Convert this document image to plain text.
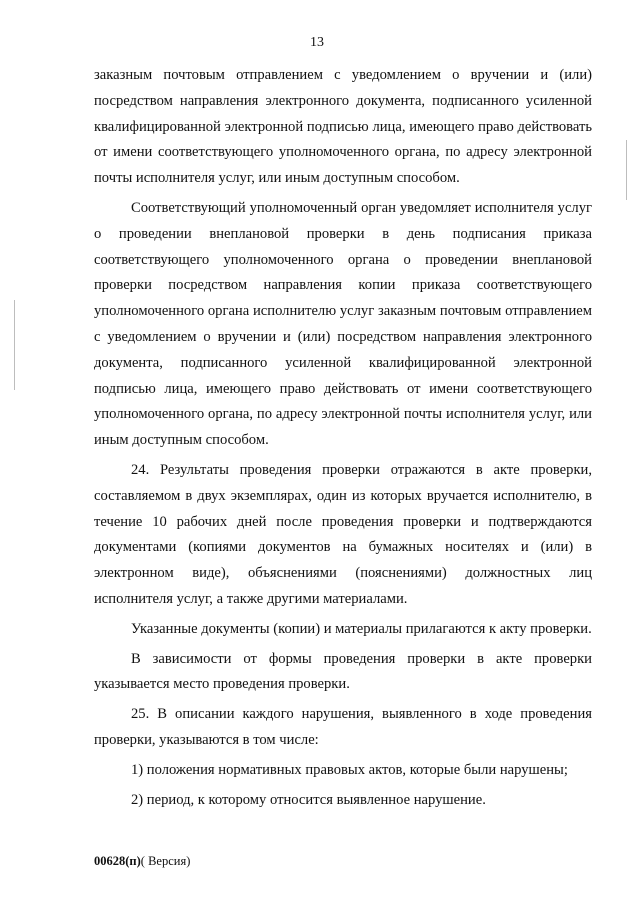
13

заказным почтовым отправлением с уведомлением о вручении и (или) посредством направления электронного документа, подписанного усиленной квалифицированной электронной подписью лица, имеющего право действовать от имени соответствующего уполномоченного органа, по адресу электронной почты исполнителя услуг, или иным доступным способом.

Соответствующий уполномоченный орган уведомляет исполнителя услуг о проведении внеплановой проверки в день подписания приказа соответствующего уполномоченного органа о проведении внеплановой проверки посредством направления копии приказа соответствующего уполномоченного органа исполнителю услуг заказным почтовым отправлением с уведомлением о вручении и (или) посредством направления электронного документа, подписанного усиленной квалифицированной электронной подписью лица, имеющего право действовать от имени соответствующего уполномоченного органа, по адресу электронной почты исполнителя услуг, или иным доступным способом.

24. Результаты проведения проверки отражаются в акте проверки, составляемом в двух экземплярах, один из которых вручается исполнителю, в течение 10 рабочих дней после проведения проверки и подтверждаются документами (копиями документов на бумажных носителях и (или) в электронном виде), объяснениями (пояснениями) должностных лиц исполнителя услуг, а также другими материалами.

Указанные документы (копии) и материалы прилагаются к акту проверки.

В зависимости от формы проведения проверки в акте проверки указывается место проведения проверки.

25. В описании каждого нарушения, выявленного в ходе проведения проверки, указываются в том числе:

1) положения нормативных правовых актов, которые были нарушены;

2) период, к которому относится выявленное нарушение.

00628(п)( Версия)
